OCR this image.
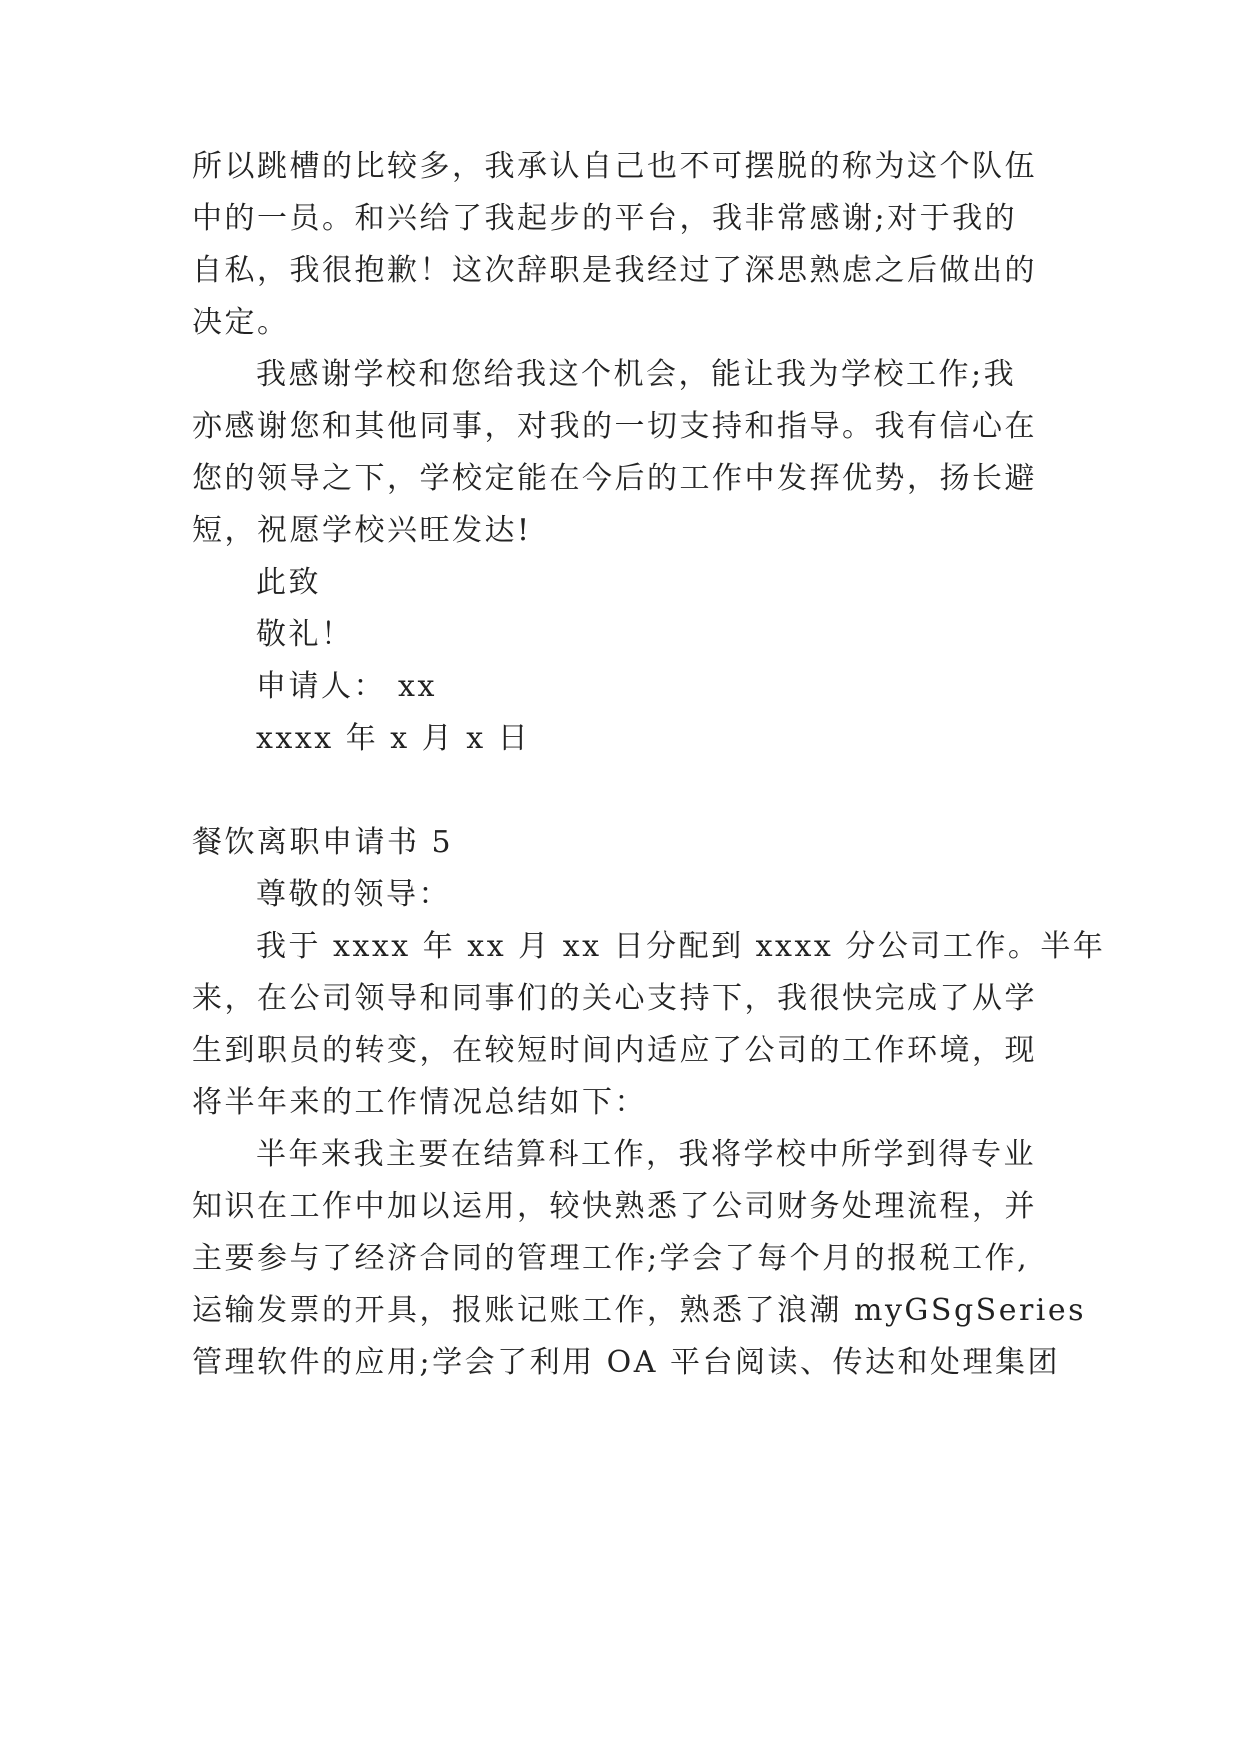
所以跳槽的比较多，我承认自己也不可摆脱的称为这个队伍
中的一员。和兴给了我起步的平台，我非常感谢;对于我的
自私，我很抱歉！这次辞职是我经过了深思熟虑之后做出的
决定。
我感谢学校和您给我这个机会，能让我为学校工作;我
亦感谢您和其他同事，对我的一切支持和指导。我有信心在
您的领导之下，学校定能在今后的工作中发挥优势，扬长避
短，祝愿学校兴旺发达!
此致
敬礼！
申请人： xx
xxxx 年 x 月 x 日
餐饮离职申请书 5
尊敬的领导：
我于 xxxx 年 xx 月 xx 日分配到 xxxx 分公司工作。半年
来，在公司领导和同事们的关心支持下，我很快完成了从学
生到职员的转变，在较短时间内适应了公司的工作环境，现
将半年来的工作情况总结如下：
半年来我主要在结算科工作，我将学校中所学到得专业
知识在工作中加以运用，较快熟悉了公司财务处理流程，并
主要参与了经济合同的管理工作;学会了每个月的报税工作,
运输发票的开具，报账记账工作，熟悉了浪潮 myGSgSeries
管理软件的应用;学会了利用 OA 平台阅读、传达和处理集团
